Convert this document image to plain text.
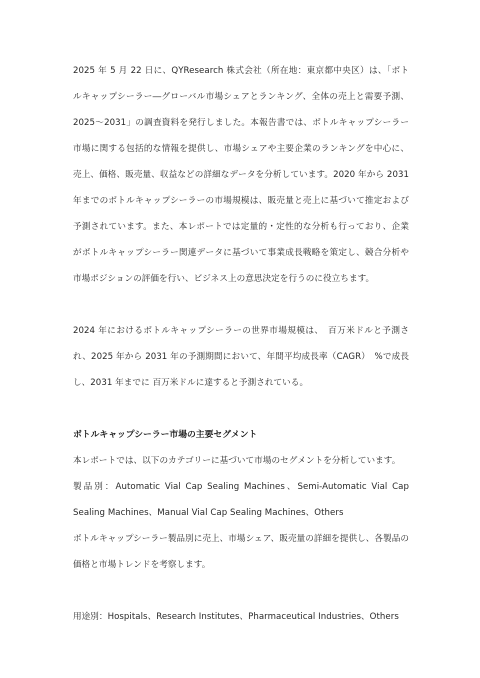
2025 年 5 月 22 日に、QYResearch 株式会社（所在地：東京都中央区）は、「ボトルキャップシーラー―グローバル市場シェアとランキング、全体の売上と需要予測、2025～2031」の調査資料を発行しました。本報告書では、ボトルキャップシーラー市場に関する包括的な情報を提供し、市場シェアや主要企業のランキングを中心に、売上、価格、販売量、収益などの詳細なデータを分析しています。2020 年から 2031 年までのボトルキャップシーラーの市場規模は、販売量と売上に基づいて推定および予測されています。また、本レポートでは定量的・定性的な分析も行っており、企業がボトルキャップシーラー関連データに基づいて事業成長戦略を策定し、競合分析や市場ポジションの評価を行い、ビジネス上の意思決定を行うのに役立ちます。

2024 年におけるボトルキャップシーラーの世界市場規模は、　百万米ドルと予測され、2025 年から 2031 年の予測期間において、年間平均成長率（CAGR）　%で成長し、2031 年までに 百万米ドルに達すると予測されている。

ボトルキャップシーラー市場の主要セグメント

本レポートでは、以下のカテゴリーに基づいて市場のセグメントを分析しています。

製品別：Automatic Vial Cap Sealing Machines、Semi-Automatic Vial Cap Sealing Machines、Manual Vial Cap Sealing Machines、Others

ボトルキャップシーラー製品別に売上、市場シェア、販売量の詳細を提供し、各製品の価格と市場トレンドを考察します。

用途別：Hospitals、Research Institutes、Pharmaceutical Industries、Others
